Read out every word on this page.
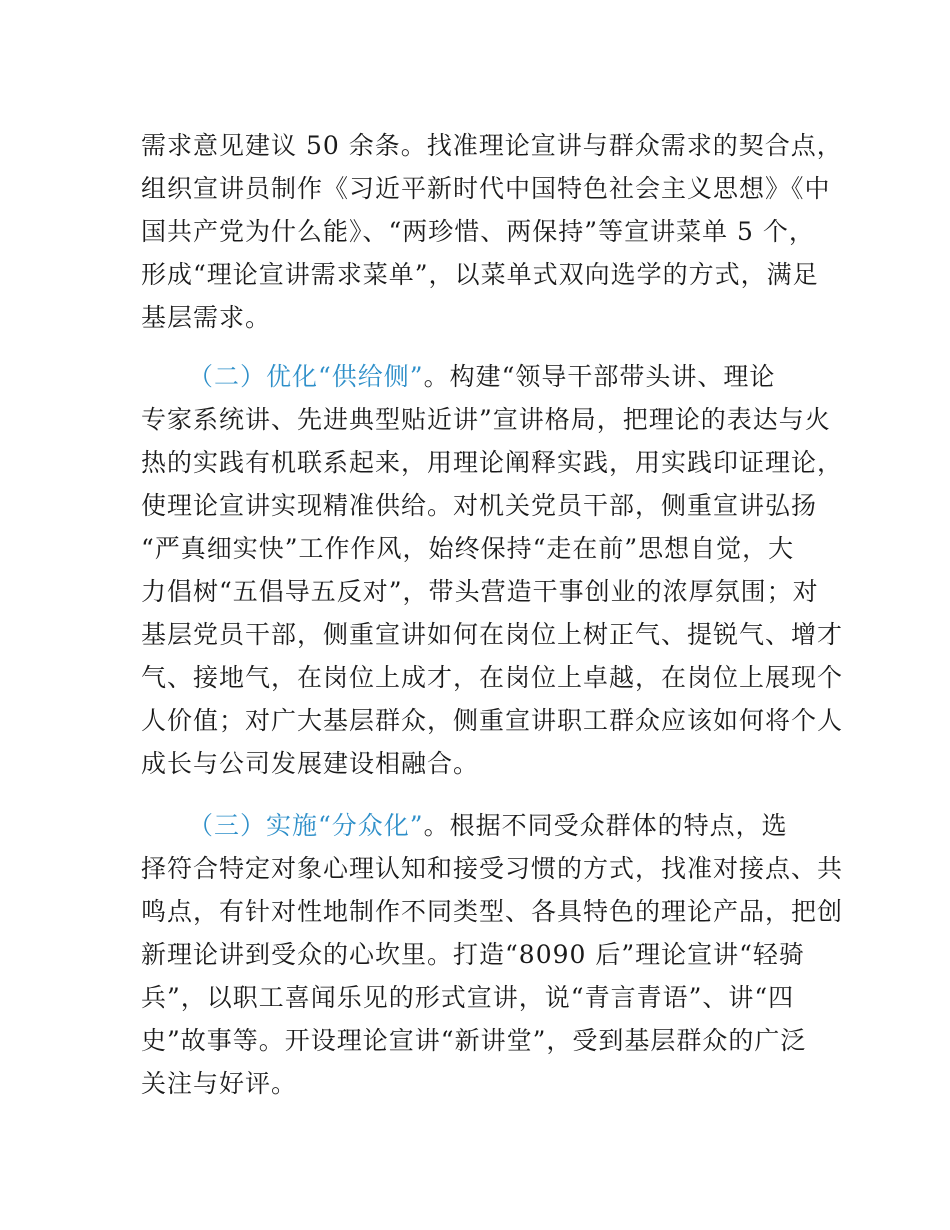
需求意见建议 50 余条。找准理论宣讲与群众需求的契合点，
组织宣讲员制作《习近平新时代中国特色社会主义思想》《中
国共产党为什么能》、“两珍惜、两保持”等宣讲菜单 5 个，
形成“理论宣讲需求菜单”，以菜单式双向选学的方式，满足
基层需求。
（二）优化“供给侧”。构建“领导干部带头讲、理论
专家系统讲、先进典型贴近讲”宣讲格局，把理论的表达与火
热的实践有机联系起来，用理论阐释实践，用实践印证理论，
使理论宣讲实现精准供给。对机关党员干部，侧重宣讲弘扬
“严真细实快”工作作风，始终保持“走在前”思想自觉，大
力倡树“五倡导五反对”，带头营造干事创业的浓厚氛围；对
基层党员干部，侧重宣讲如何在岗位上树正气、提锐气、增才
气、接地气，在岗位上成才，在岗位上卓越，在岗位上展现个
人价值；对广大基层群众，侧重宣讲职工群众应该如何将个人
成长与公司发展建设相融合。
（三）实施“分众化”。根据不同受众群体的特点，选
择符合特定对象心理认知和接受习惯的方式，找准对接点、共
鸣点，有针对性地制作不同类型、各具特色的理论产品，把创
新理论讲到受众的心坎里。打造“8090 后”理论宣讲“轻骑
兵”，以职工喜闻乐见的形式宣讲，说“青言青语”、讲“四
史”故事等。开设理论宣讲“新讲堂”，受到基层群众的广泛
关注与好评。
